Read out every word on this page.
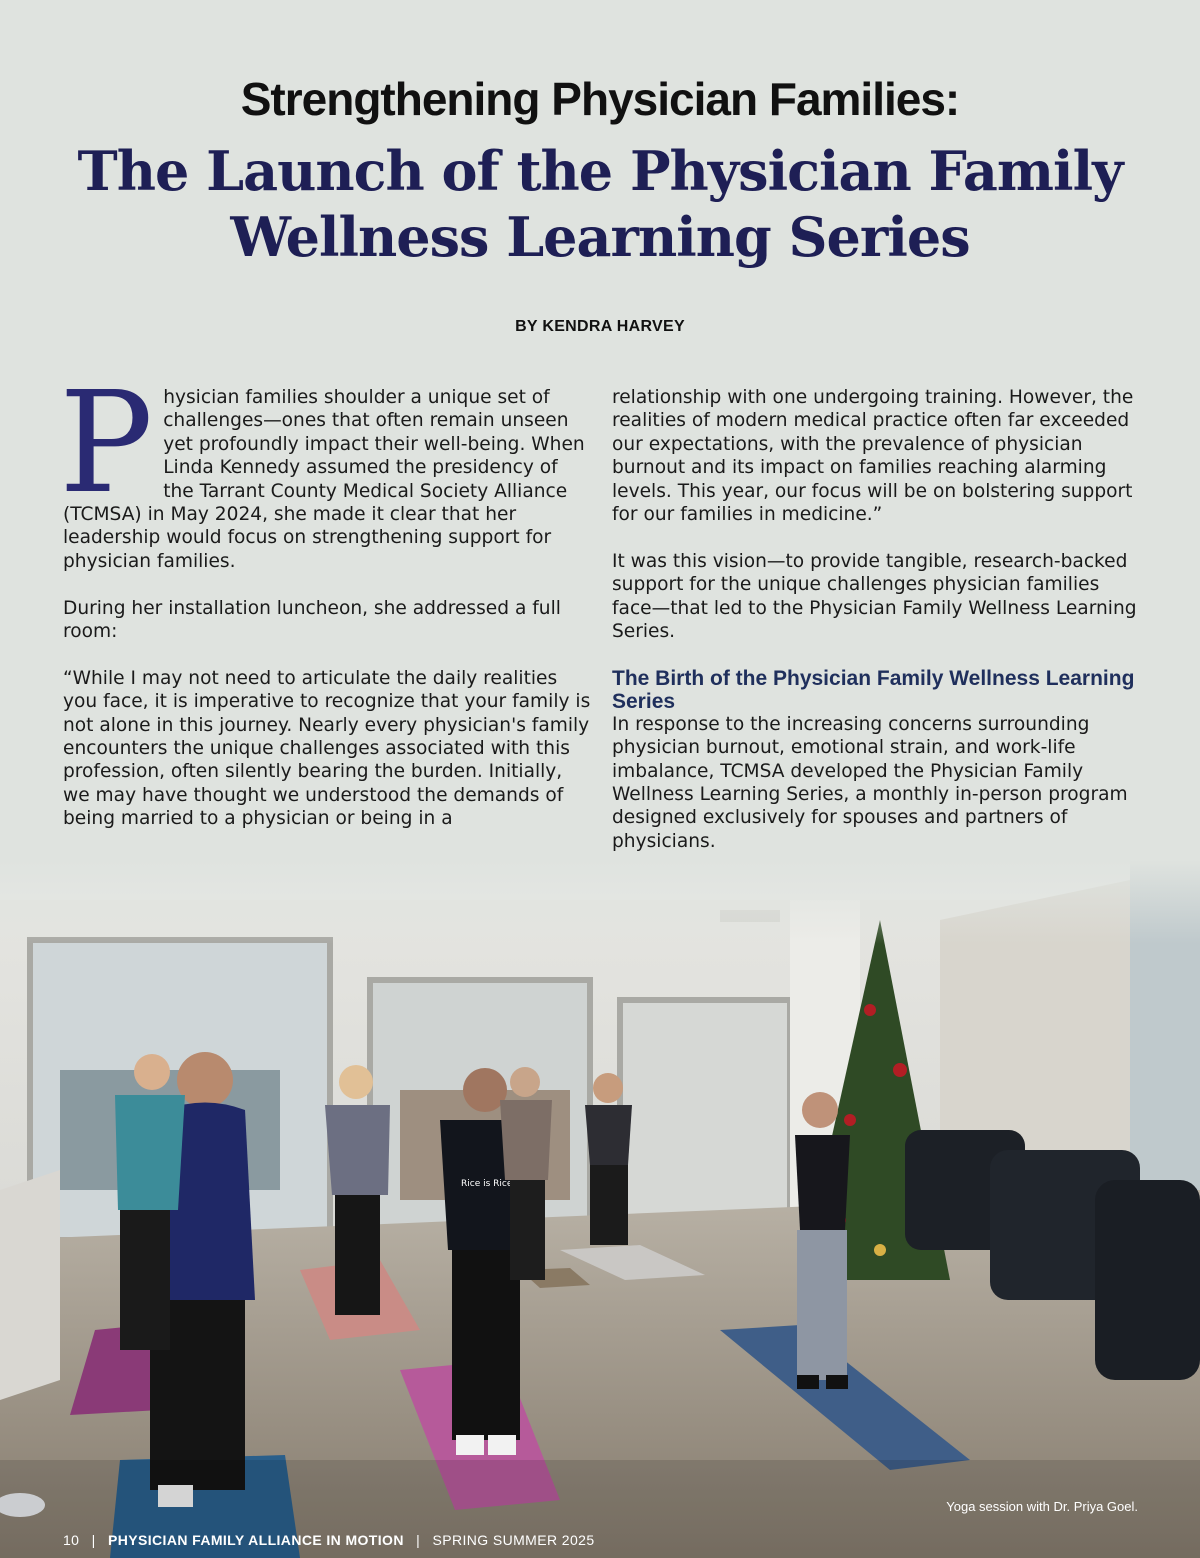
Strengthening Physician Families:
The Launch of the Physician Family
Wellness Learning Series
BY KENDRA HARVEY

Physician families shoulder a unique set of challenges—ones that often remain unseen yet profoundly impact their well-being. When Linda Kennedy assumed the presidency of the Tarrant County Medical Society Alliance (TCMSA) in May 2024, she made it clear that her leadership would focus on strengthening support for physician families.

During her installation luncheon, she addressed a full room:

“While I may not need to articulate the daily realities you face, it is imperative to recognize that your family is not alone in this journey. Nearly every physician's family encounters the unique challenges associated with this profession, often silently bearing the burden. Initially, we may have thought we understood the demands of being married to a physician or being in a

relationship with one undergoing training. However, the realities of modern medical practice often far exceeded our expectations, with the prevalence of physician burnout and its impact on families reaching alarming levels. This year, our focus will be on bolstering support for our families in medicine.”

It was this vision—to provide tangible, research-backed support for the unique challenges physician families face—that led to the Physician Family Wellness Learning Series.

The Birth of the Physician Family Wellness Learning Series

In response to the increasing concerns surrounding physician burnout, emotional strain, and work-life imbalance, TCMSA developed the Physician Family Wellness Learning Series, a monthly in-person program designed exclusively for spouses and partners of physicians.

Yoga session with Dr. Priya Goel.
10 | PHYSICIAN FAMILY ALLIANCE IN MOTION | SPRING SUMMER 2025
